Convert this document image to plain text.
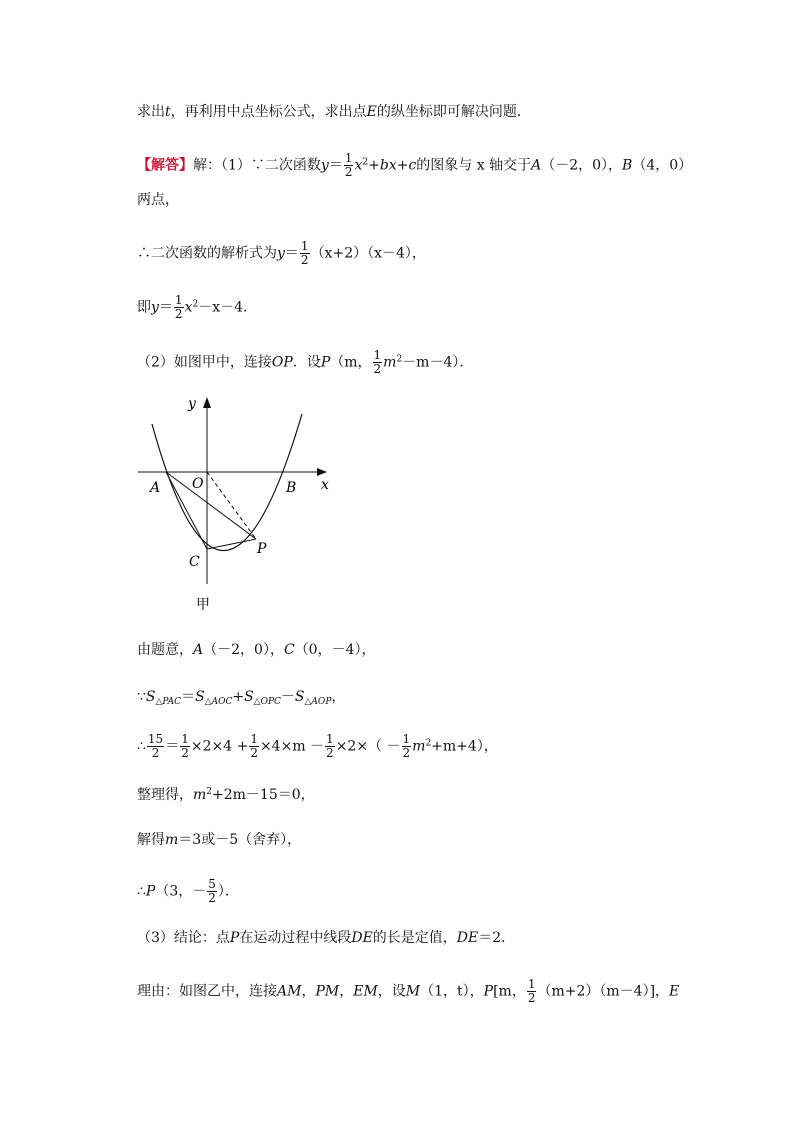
求出t，再利用中点坐标公式，求出点E的纵坐标即可解决问题．
【解答】解：（1）∵二次函数$y= \frac{1}{2} x^2+bx+c$的图象与 x 轴交于A（－2，0），B（4，0）
两点，
∴二次函数的解析式为$y= \frac{1}{2} (x+2)(x-4)$，
即$y= \frac{1}{2} x^2-x-4$．
（2）如图甲中，连接OP．设P（m， $\frac{1}{2} m^2-m-4$）．
y
x
A O	B
C
P
甲
由题意，A（－2，0），C（0，－4），
$\because S_{\triangle PAC}=S_{\triangle AOC}+S_{\triangle OPC}-S_{\triangle AOP}$，
∴ $\frac{15}{2} = \frac{1}{2} \times 2\times 4 + \frac{1}{2} \times 4\times m - \frac{1}{2} \times 2\times( - \frac{1}{2} m^2+m+4)$，
整理得，$m^2+2m-15=0$，
解得m＝3或－5（舍弃），
∴P（3，－ $\frac{5}{2}$ ）．
（3）结论：点P在运动过程中线段DE的长是定值，DE＝2．
理由：如图乙中，连接AM，PM，EM，设M（1，t），P[m， $\frac{1}{2} (m+2)(m-4)$]，E
